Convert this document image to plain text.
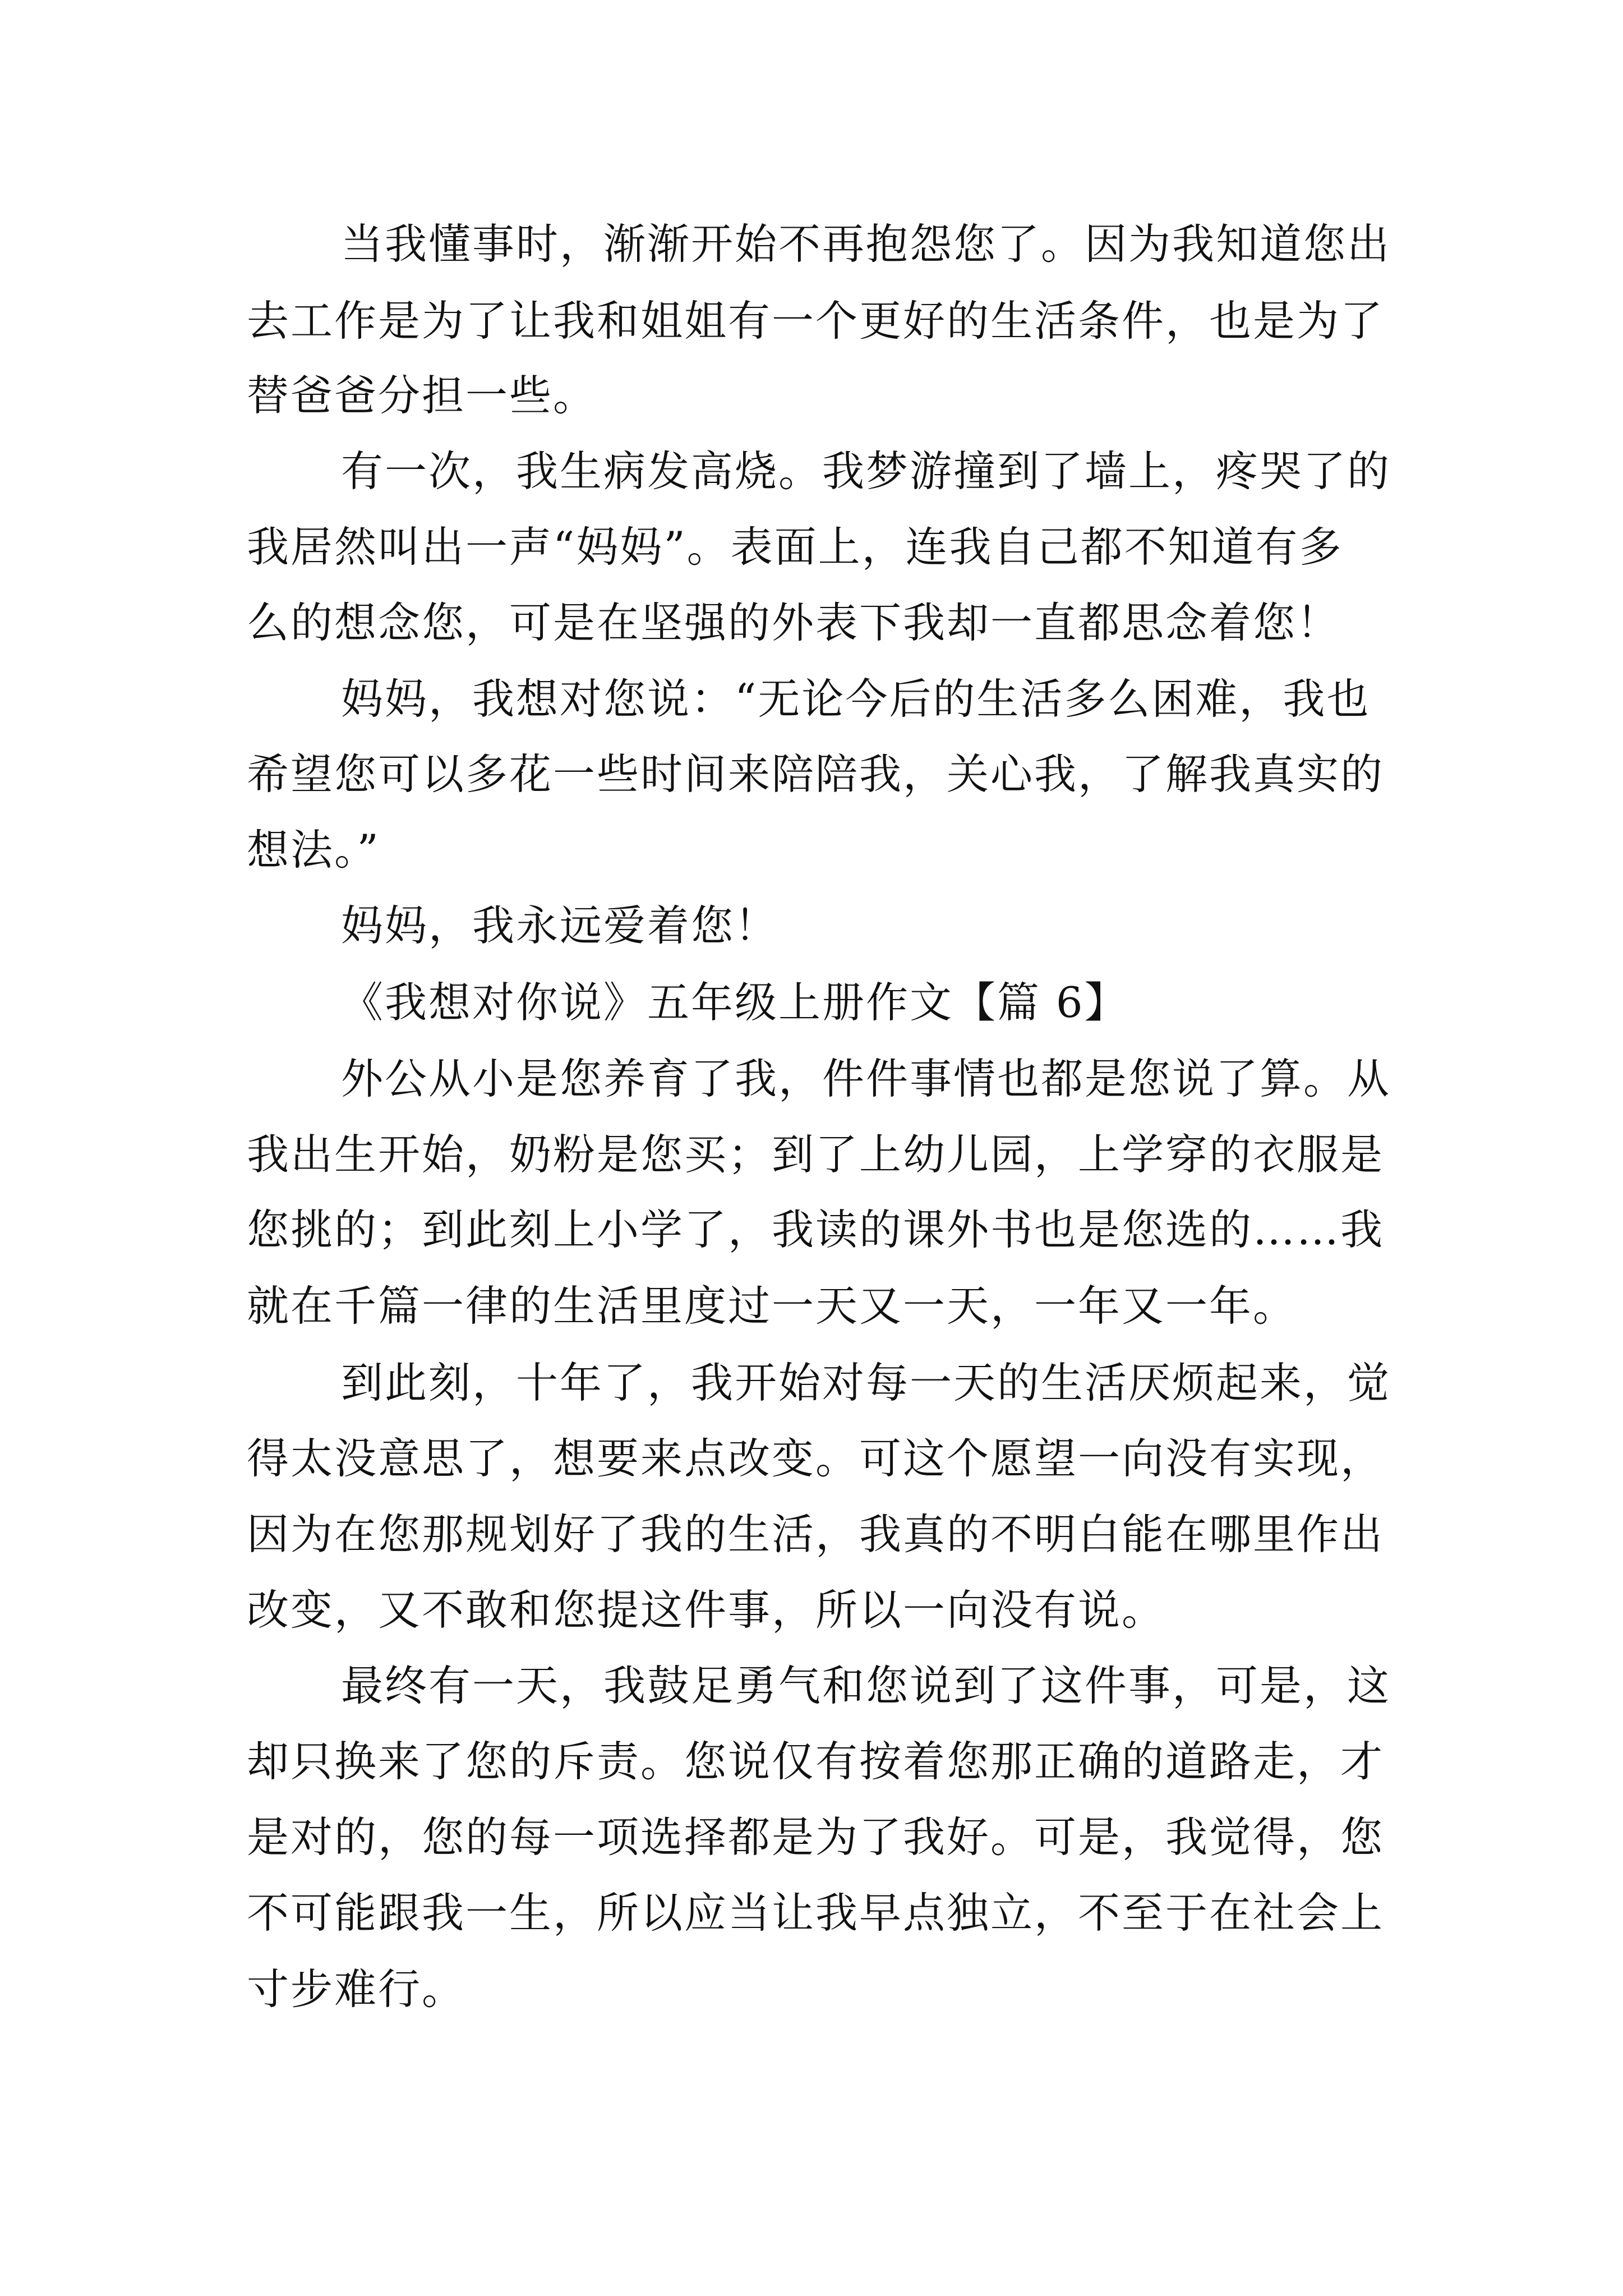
当我懂事时，渐渐开始不再抱怨您了。因为我知道您出
去工作是为了让我和姐姐有一个更好的生活条件，也是为了
替爸爸分担一些。
有一次，我生病发高烧。我梦游撞到了墙上，疼哭了的
我居然叫出一声“妈妈”。表面上，连我自己都不知道有多
么的想念您，可是在坚强的外表下我却一直都思念着您！
妈妈，我想对您说：“无论今后的生活多么困难，我也
希望您可以多花一些时间来陪陪我，关心我，了解我真实的
想法。”
妈妈，我永远爱着您！
《我想对你说》五年级上册作文【篇 6】
外公从小是您养育了我，件件事情也都是您说了算。从
我出生开始，奶粉是您买；到了上幼儿园，上学穿的衣服是
您挑的；到此刻上小学了，我读的课外书也是您选的……我
就在千篇一律的生活里度过一天又一天，一年又一年。
到此刻，十年了，我开始对每一天的生活厌烦起来，觉
得太没意思了，想要来点改变。可这个愿望一向没有实现，
因为在您那规划好了我的生活，我真的不明白能在哪里作出
改变，又不敢和您提这件事，所以一向没有说。
最终有一天，我鼓足勇气和您说到了这件事，可是，这
却只换来了您的斥责。您说仅有按着您那正确的道路走，才
是对的，您的每一项选择都是为了我好。可是，我觉得，您
不可能跟我一生，所以应当让我早点独立，不至于在社会上
寸步难行。
